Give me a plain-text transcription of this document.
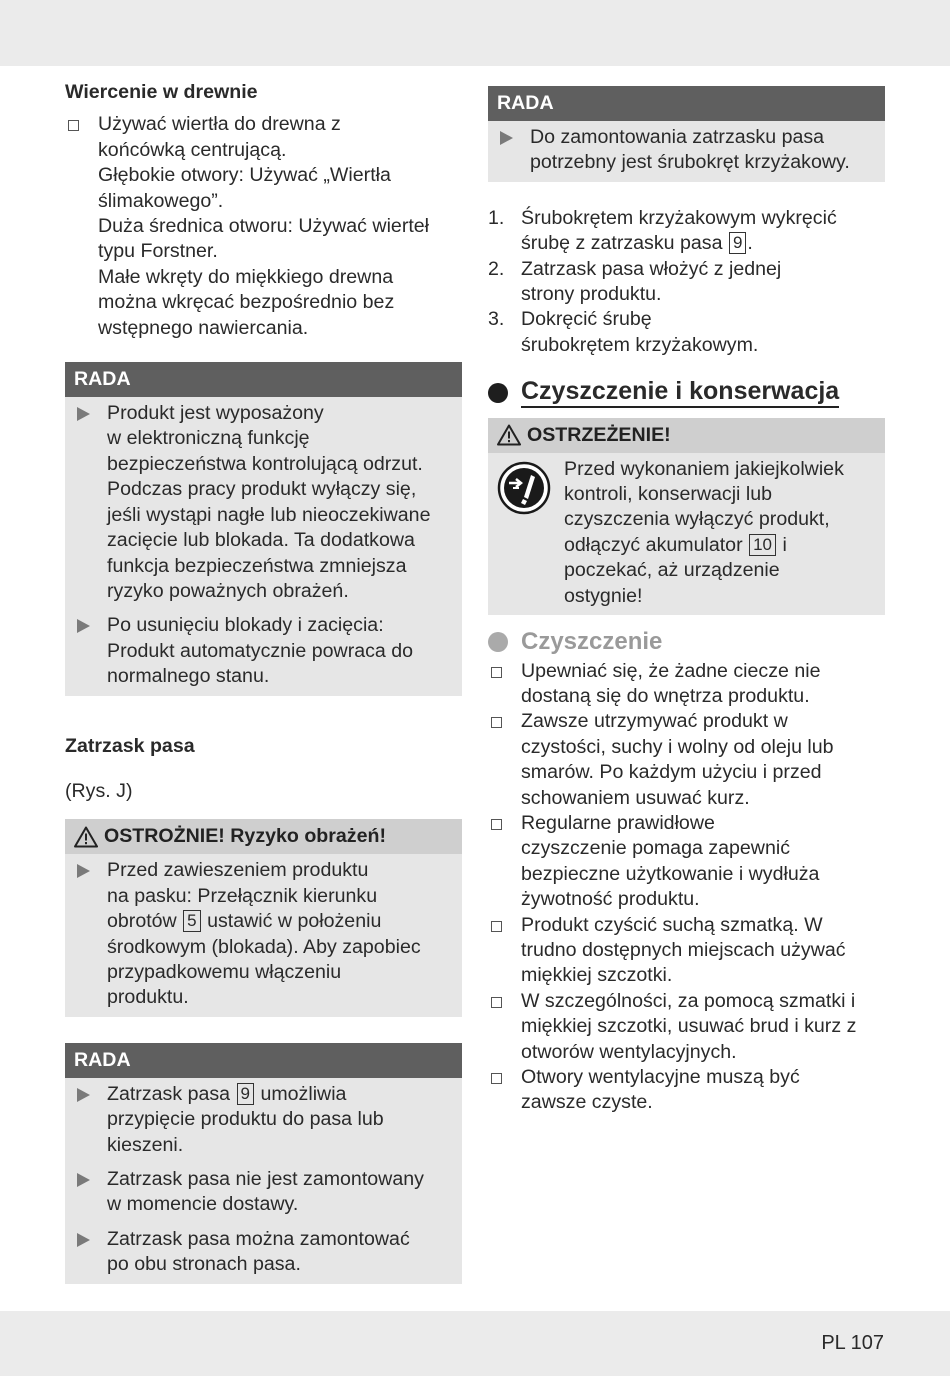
Wiercenie w drewnie
Używać wiertła do drewna z
końcówką centrującą.
Głębokie otwory: Używać „Wiertła
ślimakowego”.
Duża średnica otworu: Używać wierteł
typu Forstner.
Małe wkręty do miękkiego drewna
można wkręcać bezpośrednio bez
wstępnego nawiercania.
RADA
Produkt jest wyposażony
w elektroniczną funkcję
bezpieczeństwa kontrolującą odrzut.
Podczas pracy produkt wyłączy się,
jeśli wystąpi nagłe lub nieoczekiwane
zacięcie lub blokada. Ta dodatkowa
funkcja bezpieczeństwa zmniejsza
ryzyko poważnych obrażeń.
Po usunięciu blokady i zacięcia:
Produkt automatycznie powraca do
normalnego stanu.
Zatrzask pasa
(Rys. J)
OSTROŻNIE! Ryzyko obrażeń!
Przed zawieszeniem produktu
na pasku: Przełącznik kierunku
obrotów 5 ustawić w położeniu
środkowym (blokada). Aby zapobiec
przypadkowemu włączeniu
produktu.
RADA
Zatrzask pasa 9 umożliwia
przypięcie produktu do pasa lub
kieszeni.
Zatrzask pasa nie jest zamontowany
w momencie dostawy.
Zatrzask pasa można zamontować
po obu stronach pasa.
RADA
Do zamontowania zatrzasku pasa
potrzebny jest śrubokręt krzyżakowy.
1. Śrubokrętem krzyżakowym wykręcić
śrubę z zatrzasku pasa 9 .
2. Zatrzask pasa włożyć z jednej
strony produktu.
3. Dokręcić śrubę
śrubokrętem krzyżakowym.
Czyszczenie i konserwacja
OSTRZEŻENIE!
Przed wykonaniem jakiejkolwiek
kontroli, konserwacji lub
czyszczenia wyłączyć produkt,
odłączyć akumulator 10 i
poczekać, aż urządzenie
ostygnie!
Czyszczenie
Upewniać się, że żadne ciecze nie
dostaną się do wnętrza produktu.
Zawsze utrzymywać produkt w
czystości, suchy i wolny od oleju lub
smarów. Po każdym użyciu i przed
schowaniem usuwać kurz.
Regularne prawidłowe
czyszczenie pomaga zapewnić
bezpieczne użytkowanie i wydłuża
żywotność produktu.
Produkt czyścić suchą szmatką. W
trudno dostępnych miejscach używać
miękkiej szczotki.
W szczególności, za pomocą szmatki i
miękkiej szczotki, usuwać brud i kurz z
otworów wentylacyjnych.
Otwory wentylacyjne muszą być
zawsze czyste.
PL 107
